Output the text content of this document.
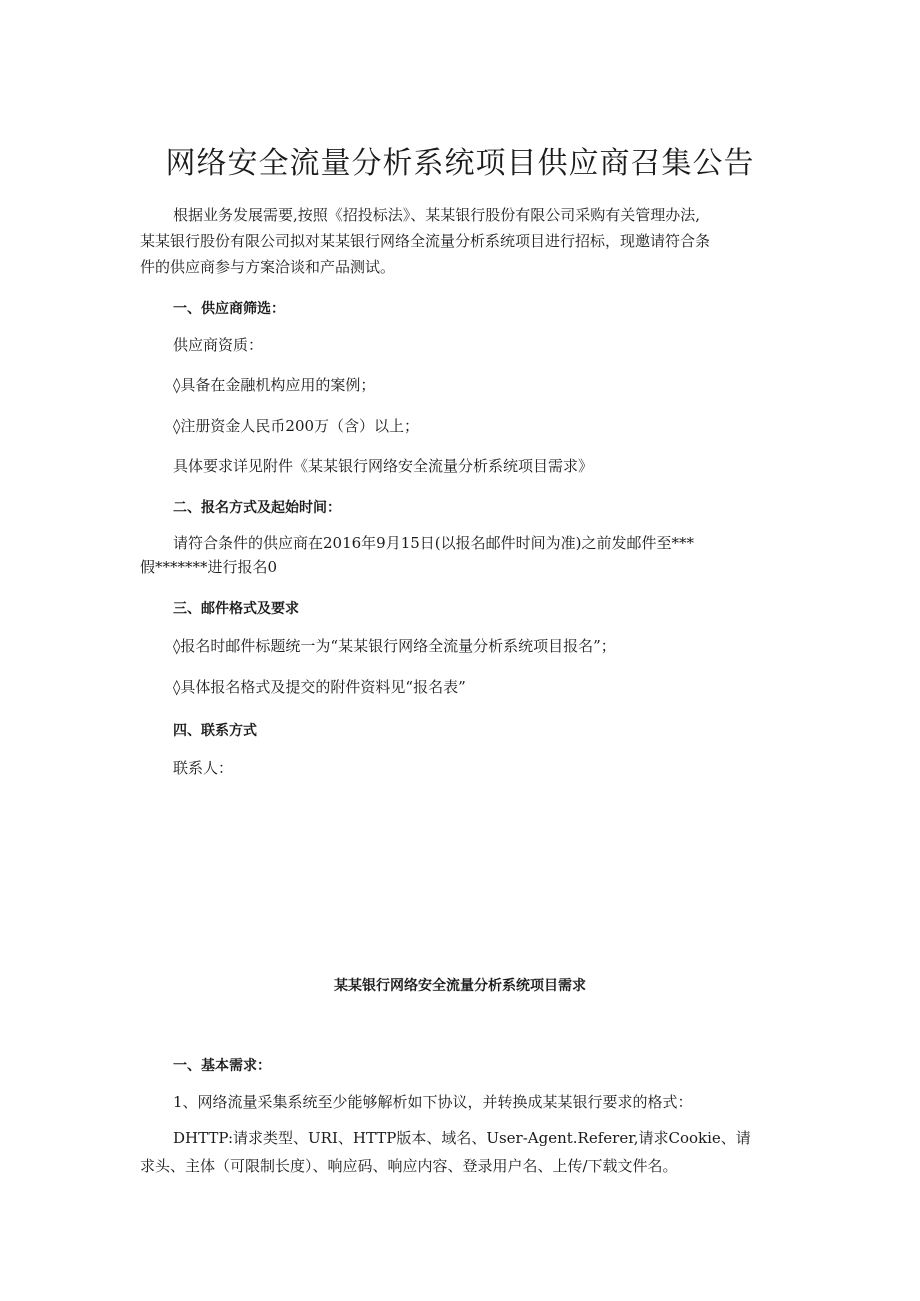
网络安全流量分析系统项目供应商召集公告
根据业务发展需要,按照《招投标法》、某某银行股份有限公司采购有关管理办法,
某某银行股份有限公司拟对某某银行网络全流量分析系统项目进行招标，现邀请符合条
件的供应商参与方案洽谈和产品测试。
一、供应商筛选：
供应商资质：
◊具备在金融机构应用的案例；
◊注册资金人民币200万（含）以上；
具体要求详见附件《某某银行网络安全流量分析系统项目需求》
二、报名方式及起始时间：
请符合条件的供应商在2016年9月15日(以报名邮件时间为准)之前发邮件至***
假*******进行报名0
三、邮件格式及要求
◊报名时邮件标题统一为“某某银行网络全流量分析系统项目报名”；
◊具体报名格式及提交的附件资料见“报名表”
四、联系方式
联系人：
某某银行网络安全流量分析系统项目需求
一、基本需求：
1、网络流量采集系统至少能够解析如下协议，并转换成某某银行要求的格式：
DHTTP:请求类型、URI、HTTP版本、域名、User-Agent.Referer,请求Cookie、请
求头、主体（可限制长度）、响应码、响应内容、登录用户名、上传/下载文件名。
